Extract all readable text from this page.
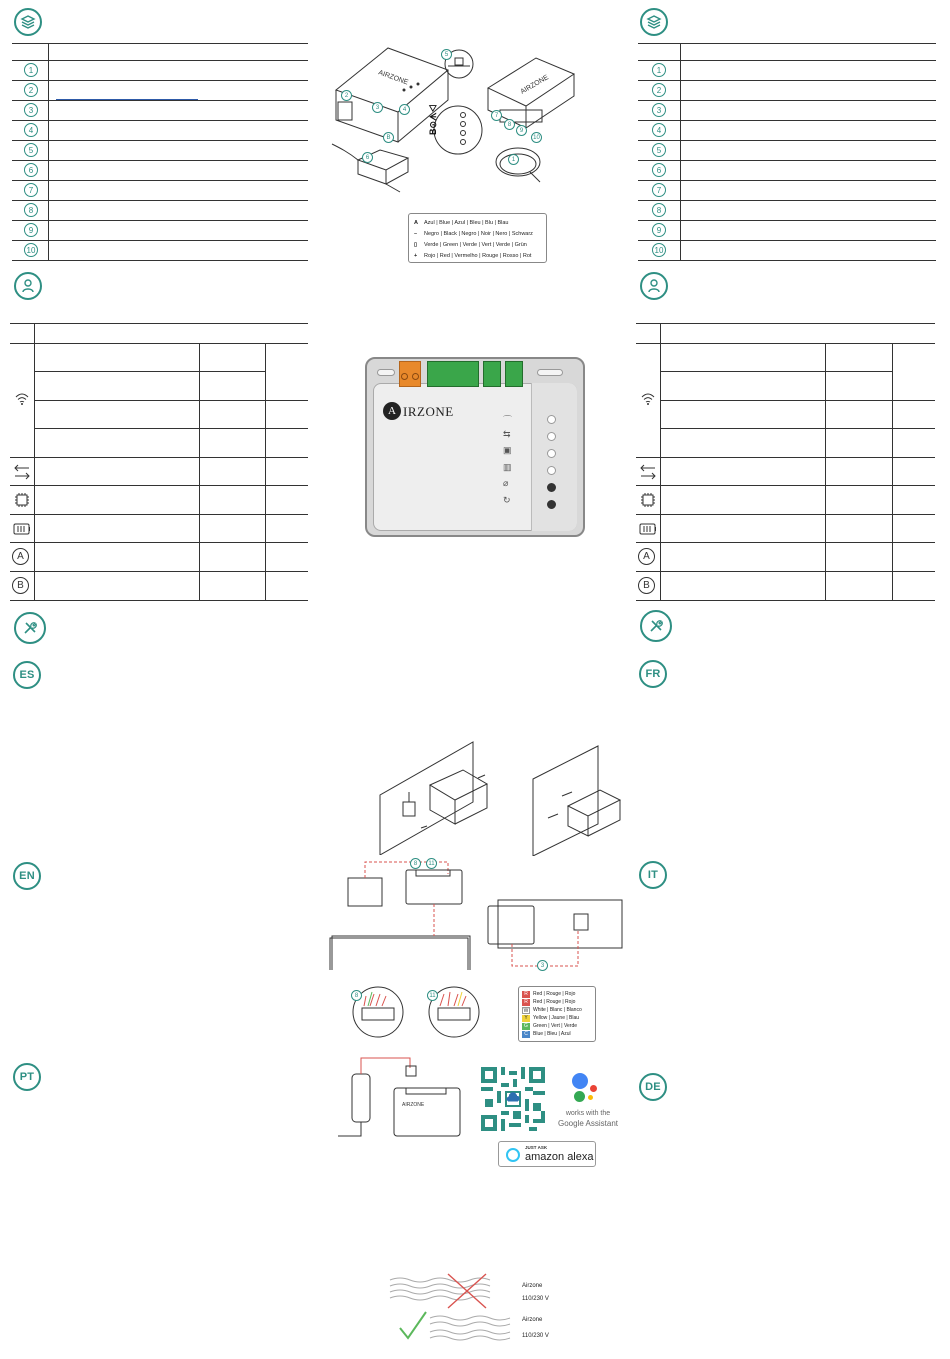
1
2
3
4
5
6
7
8
9
10
A
B
ES
EN
PT
1
2
3
4
5
6
7
8
9
10
A
B
FR
IT
DE
AIRZONE
B⊙ᗑ◁
AIRZONE
5
2
3	4
B
6
7
8
9
10
1
A	Azul | Blue | Azul | Bleu | Blu | Blau
–	Negro | Black | Negro | Noir | Nero | Schwarz
▯	Verde | Green | Verde | Vert | Verde | Grün
+	Rojo | Red | Vermelho | Rouge | Rosso | Rot
A IRZONE
⌒
⇆
▣
▥
⌀
↻
8	11
3
8	11	R	Red | Rouge | Rojo
R	Red | Rouge | Rojo
W White | Blanc | Blanco
Y	Yellow | Jaune | Blau
G	Green | Vert | Verde
C	Blue | Bleu | Azul
AIRZONE
works with the
Google Assistant
JUST ASK
amazon alexa
Airzone
110/230 V
Airzone
110/230 V
